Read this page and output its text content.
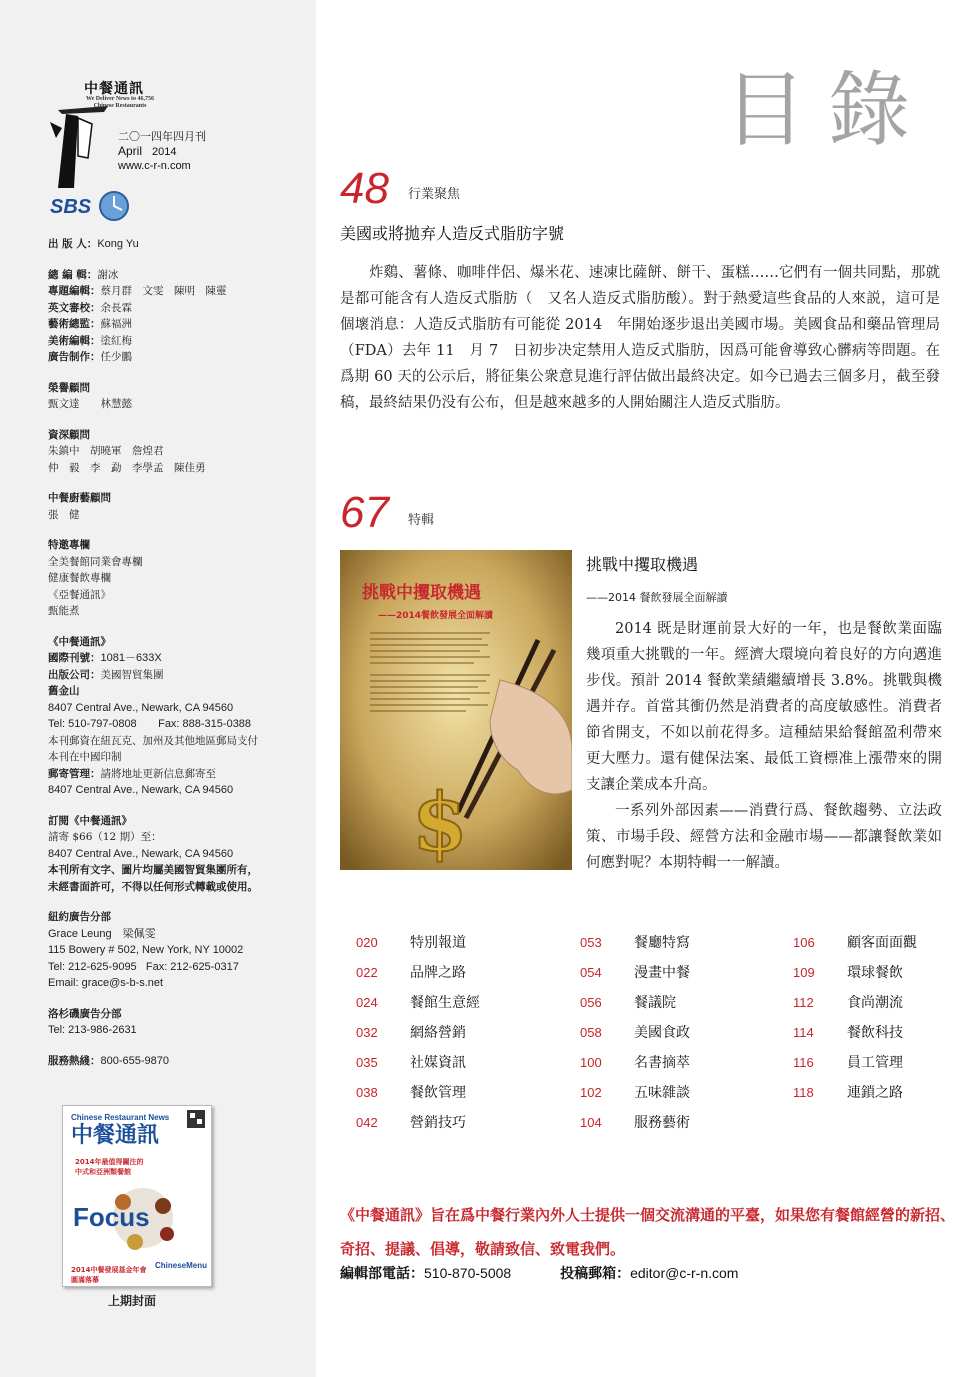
中餐通訊
We Deliver News to 46,756 Chinese Restaurants
二〇一四年四月刊
April 2014
www.c-r-n.com
SBS
出 版 人：Kong Yu
總 編 輯：謝冰
專題編輯：蔡月群　文雯　陳明　陳靈
英文審校：余長霖
藝術總監：蘇福洲
美術編輯：塗紅梅
廣告制作：任少鵬
榮譽顧問
甄文達　　林慧懿
資深顧問
朱鎮中　胡曉軍　詹煌君
仲　毅　李　勐　李學孟　陳佳勇
中餐廚藝顧問
張　健
特邀專欄
全美餐館同業會專欄
健康餐飲專欄
《亞餐通訊》
甄能煮
《中餐通訊》
國際刊號：1081－633X
出版公司：美國智貿集團
舊金山
8407 Central Ave., Newark, CA 94560
Tel: 510-797-0808 Fax: 888-315-0388
本刊郵資在紐瓦克、加州及其他地區郵局支付
本刊在中國印制
郵寄管理：請將地址更新信息郵寄至
8407 Central Ave., Newark, CA 94560
訂閱《中餐通訊》
請寄 $66（12 期）至：
8407 Central Ave., Newark, CA 94560
本刊所有文字、圖片均屬美國智貿集團所有，
未經書面許可，不得以任何形式轉載或使用。
紐約廣告分部
Grace Leung　梁佩雯
115 Bowery # 502, New York, NY 10002
Tel: 212-625-9095 Fax: 212-625-0317
Email: grace@s-b-s.net
洛杉磯廣告分部
Tel: 213-986-2631
服務熱綫：800-655-9870
Chinese Restaurant News
中餐通訊
2014年最值得關注的
中式和亞洲類餐館
Focus
2014中餐發展基金年會
圓滿落幕
ChineseMenu
上期封面
目錄
48 行業聚焦
美國或將拋弃人造反式脂肪字號

炸鷄、薯條、咖啡伴侶、爆米花、速凍比薩餅、餅干、蛋糕……它們有一個共同點，那就是都可能含有人造反式脂肪（　又名人造反式脂肪酸）。對于熱愛這些食品的人來説，這可是個壞消息：人造反式脂肪有可能從 2014　年開始逐步退出美國市場。美國食品和藥品管理局（FDA）去年 11　月 7　日初步决定禁用人造反式脂肪，因爲可能會導致心髒病等問題。在爲期 60 天的公示后，將征集公衆意見進行評估做出最終决定。如今已過去三個多月，截至發稿，最終結果仍没有公布，但是越來越多的人開始關注人造反式脂肪。

67 特輯
挑戰中攫取機遇
——2014餐飲發展全面解讀
$
挑戰中攫取機遇
——2014 餐飲發展全面解讀

2014 既是財運前景大好的一年，也是餐飲業面臨幾項重大挑戰的一年。經濟大環境向着良好的方向邁進步伐。預計 2014 餐飲業績繼續增長 3.8%。挑戰與機遇并存。首當其衝仍然是消費者的高度敏感性。消費者節省開支，不如以前花得多。這種結果給餐館盈利帶來更大壓力。還有健保法案、最低工資標准上漲帶來的開支讓企業成本升高。

一系列外部因素——消費行爲、餐飲趨勢、立法政策、市場手段、經營方法和金融市場——都讓餐飲業如何應對呢？本期特輯一一解讀。

020 特別報道
022 品牌之路
024 餐館生意經
032 網絡營銷
035 社媒資訊
038 餐飲管理
042 營銷技巧
053 餐廳特寫
054 漫畫中餐
056 餐議院
058 美國食政
100 名書摘萃
102 五味雜談
104 服務藝術
106 顧客面面觀
109 環球餐飲
112 食尚潮流
114 餐飲科技
116 員工管理
118 連鎖之路

《中餐通訊》旨在爲中餐行業內外人士提供一個交流溝通的平臺，如果您有餐館經營的新招、奇招、提議、倡導，敬請致信、致電我們。

編輯部電話：510-870-5008	投稿郵箱：editor@c-r-n.com
